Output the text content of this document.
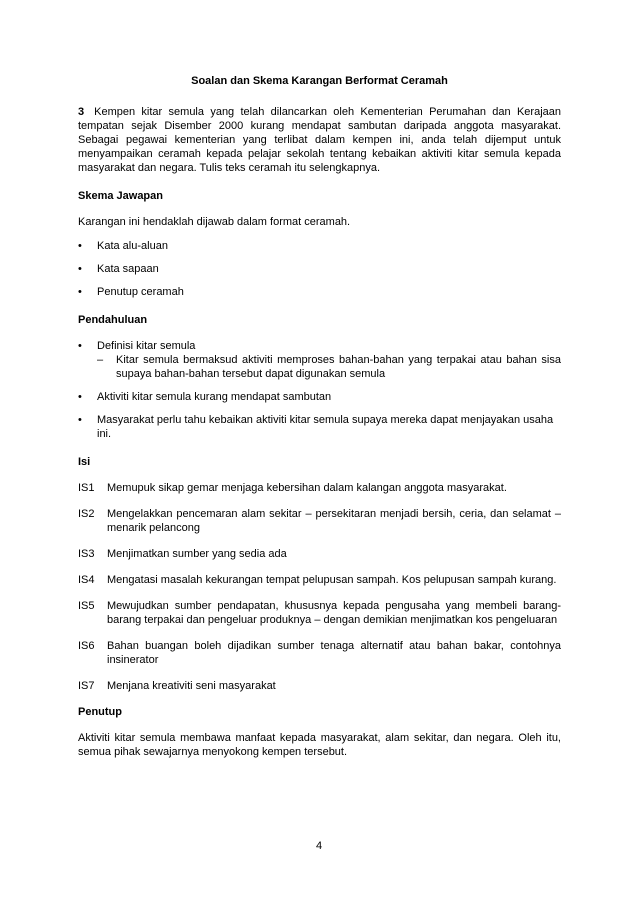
Soalan dan Skema Karangan Berformat Ceramah
3 Kempen kitar semula yang telah dilancarkan oleh Kementerian Perumahan dan Kerajaan tempatan sejak Disember 2000 kurang mendapat sambutan daripada anggota masyarakat. Sebagai pegawai kementerian yang terlibat dalam kempen ini, anda telah dijemput untuk menyampaikan ceramah kepada pelajar sekolah tentang kebaikan aktiviti kitar semula kepada masyarakat dan negara. Tulis teks ceramah itu selengkapnya.
Skema Jawapan
Karangan ini hendaklah dijawab dalam format ceramah.
• Kata alu-aluan
• Kata sapaan
• Penutup ceramah
Pendahuluan
• Definisi kitar semula
– Kitar semula bermaksud aktiviti memproses bahan-bahan yang terpakai atau bahan sisa supaya bahan-bahan tersebut dapat digunakan semula
• Aktiviti kitar semula kurang mendapat sambutan
• Masyarakat perlu tahu kebaikan aktiviti kitar semula supaya mereka dapat menjayakan usaha ini.
Isi
IS1 Memupuk sikap gemar menjaga kebersihan dalam kalangan anggota masyarakat.
IS2 Mengelakkan pencemaran alam sekitar – persekitaran menjadi bersih, ceria, dan selamat – menarik pelancong
IS3 Menjimatkan sumber yang sedia ada
IS4 Mengatasi masalah kekurangan tempat pelupusan sampah. Kos pelupusan sampah kurang.
IS5 Mewujudkan sumber pendapatan, khususnya kepada pengusaha yang membeli barang-barang terpakai dan pengeluar produknya – dengan demikian menjimatkan kos pengeluaran
IS6 Bahan buangan boleh dijadikan sumber tenaga alternatif atau bahan bakar, contohnya insinerator
IS7 Menjana kreativiti seni masyarakat
Penutup
Aktiviti kitar semula membawa manfaat kepada masyarakat, alam sekitar, dan negara. Oleh itu, semua pihak sewajarnya menyokong kempen tersebut.
4
